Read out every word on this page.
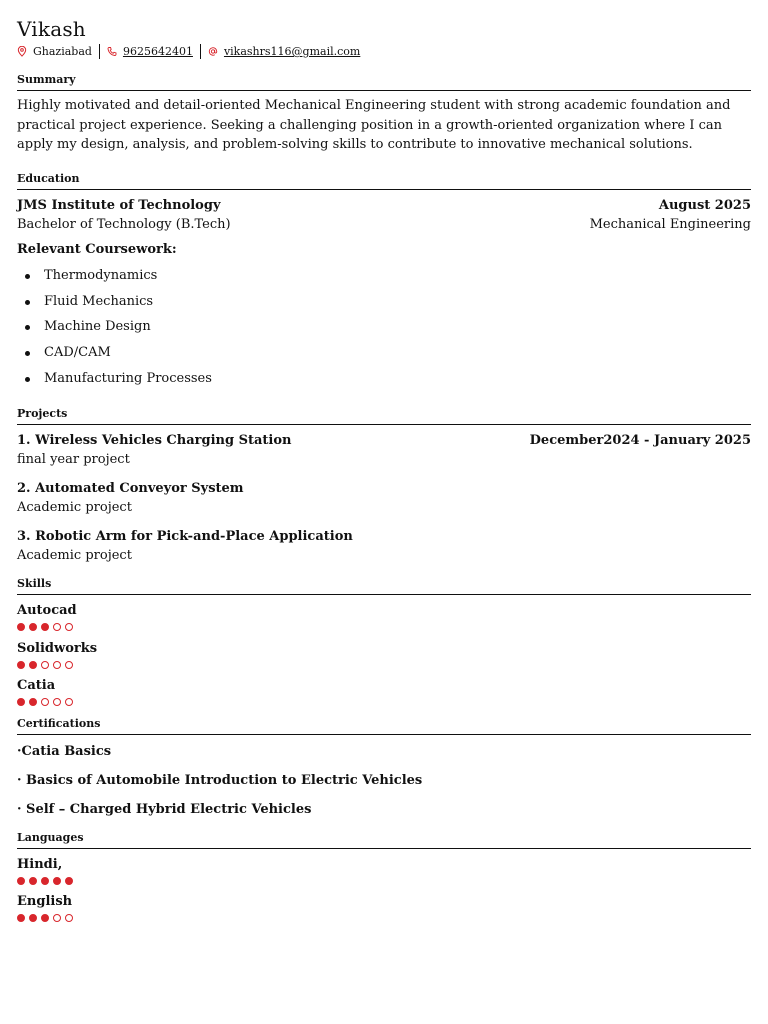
Vikash
Ghaziabad	9625642401	vikashrs116@gmail.com
Summary
Highly motivated and detail-oriented Mechanical Engineering student with strong academic foundation and practical project experience. Seeking a challenging position in a growth-oriented organization where I can apply my design, analysis, and problem-solving skills to contribute to innovative mechanical solutions.
Education
JMS Institute of Technology	August 2025
Bachelor of Technology (B.Tech)	Mechanical Engineering
Relevant Coursework:
Thermodynamics
Fluid Mechanics
Machine Design
CAD/CAM
Manufacturing Processes
Projects
1. Wireless Vehicles Charging Station	December2024 - January 2025
final year project
2. Automated Conveyor System
Academic project
3. Robotic Arm for Pick-and-Place Application
Academic project
Skills
Autocad
Solidworks
Catia
Certifications
·Catia Basics
· Basics of Automobile Introduction to Electric Vehicles
· Self – Charged Hybrid Electric Vehicles
Languages
Hindi,
English
